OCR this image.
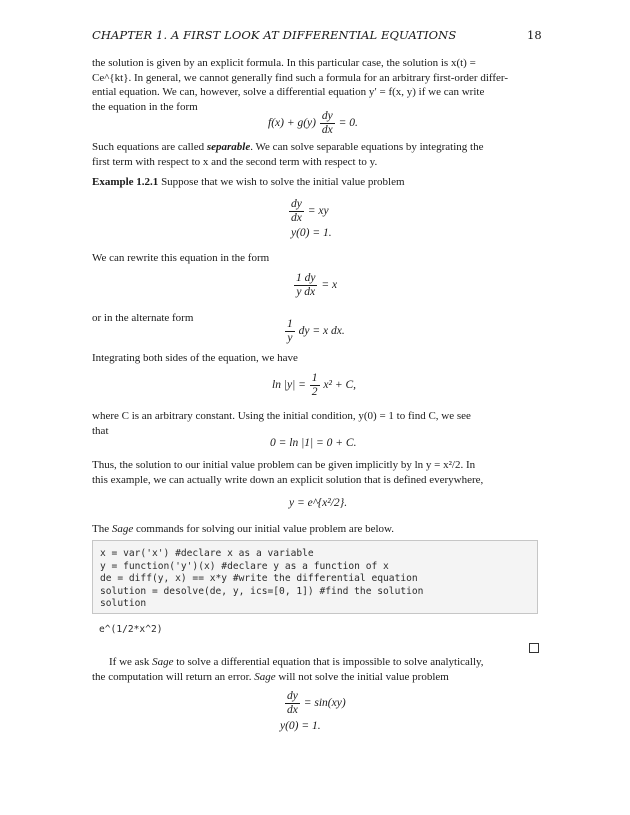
CHAPTER 1. A FIRST LOOK AT DIFFERENTIAL EQUATIONS	18
the solution is given by an explicit formula. In this particular case, the solution is x(t) =
Ce^{kt}. In general, we cannot generally find such a formula for an arbitrary first-order differ-
ential equation. We can, however, solve a differential equation y′ = f(x, y) if we can write
the equation in the form
$f(x) + g(y) \frac{dy}{dx} = 0$.
Such equations are called separable. We can solve separable equations by integrating the
first term with respect to x and the second term with respect to y.
Example 1.2.1 Suppose that we wish to solve the initial value problem
$\frac{dy}{dx}$ = xy
y(0) = 1.
We can rewrite this equation in the form
$\frac{1 dy}{\text{y dx}} = x$
or in the alternate form	$\frac{1}{y}$ dy = x dx.
Integrating both sides of the equation, we have
$\ln |y| = \frac{1}{2} x^2 + C$,
where C is an arbitrary constant. Using the initial condition, y(0) = 1 to find C, we see
that
0 = ln |1| = 0 + C.
Thus, the solution to our initial value problem can be given implicitly by ln y = x²/2. In
this example, we can actually write down an explicit solution that is defined everywhere,
y = e^{x²/2}.
The Sage commands for solving our initial value problem are below.
x = var('x') #declare x as a variable
y = function('y')(x) #declare y as a function of x
de = diff(y, x) == x*y #write the differential equation
solution = desolve(de, y, ics=[0, 1]) #find the solution
solution
e^(1/2*x^2)
If we ask Sage to solve a differential equation that is impossible to solve analytically,
the computation will return an error. Sage will not solve the initial value problem
$\frac{dy}{dx} = \sin(xy)$
y(0) = 1.
